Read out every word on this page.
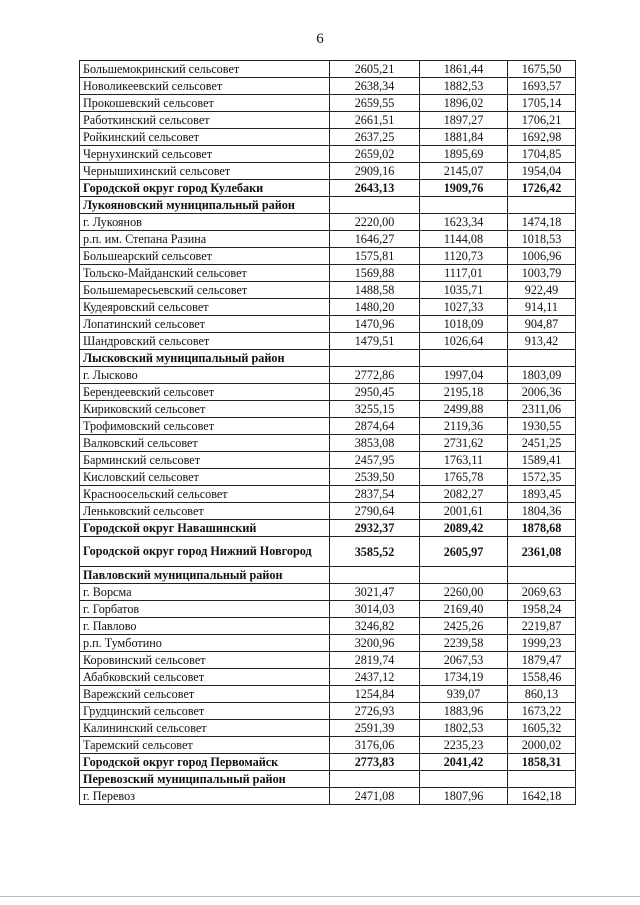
6
Большемокринский сельсовет	2605,21	1861,44	1675,50
Новоликеевский сельсовет	2638,34	1882,53	1693,57
Прокошевский сельсовет	2659,55	1896,02	1705,14
Работкинский сельсовет	2661,51	1897,27	1706,21
Ройкинский сельсовет	2637,25	1881,84	1692,98
Чернухинский сельсовет	2659,02	1895,69	1704,85
Чернышихинский сельсовет	2909,16	2145,07	1954,04
Городской округ город Кулебаки	2643,13	1909,76	1726,42
Лукояновский муниципальный район			
г. Лукоянов	2220,00	1623,34	1474,18
р.п. им. Степана Разина	1646,27	1144,08	1018,53
Большеарский сельсовет	1575,81	1120,73	1006,96
Тольско-Майданский сельсовет	1569,88	1117,01	1003,79
Большемаресьевский сельсовет	1488,58	1035,71	922,49
Кудеяровский сельсовет	1480,20	1027,33	914,11
Лопатинский сельсовет	1470,96	1018,09	904,87
Шандровский сельсовет	1479,51	1026,64	913,42
Лысковский муниципальный район			
г. Лысково	2772,86	1997,04	1803,09
Берендеевский сельсовет	2950,45	2195,18	2006,36
Кириковский сельсовет	3255,15	2499,88	2311,06
Трофимовский сельсовет	2874,64	2119,36	1930,55
Валковский сельсовет	3853,08	2731,62	2451,25
Барминский сельсовет	2457,95	1763,11	1589,41
Кисловский сельсовет	2539,50	1765,78	1572,35
Красноосельский сельсовет	2837,54	2082,27	1893,45
Леньковский сельсовет	2790,64	2001,61	1804,36
Городской округ Навашинский	2932,37	2089,42	1878,68
Городской округ город Нижний Новгород	3585,52	2605,97	2361,08
Павловский муниципальный район			
г. Ворсма	3021,47	2260,00	2069,63
г. Горбатов	3014,03	2169,40	1958,24
г. Павлово	3246,82	2425,26	2219,87
р.п. Тумботино	3200,96	2239,58	1999,23
Коровинский сельсовет	2819,74	2067,53	1879,47
Абабковский сельсовет	2437,12	1734,19	1558,46
Варежский сельсовет	1254,84	939,07	860,13
Грудцинский сельсовет	2726,93	1883,96	1673,22
Калининский сельсовет	2591,39	1802,53	1605,32
Таремский сельсовет	3176,06	2235,23	2000,02
Городской округ город Первомайск	2773,83	2041,42	1858,31
Перевозский муниципальный район			
г. Перевоз	2471,08	1807,96	1642,18
